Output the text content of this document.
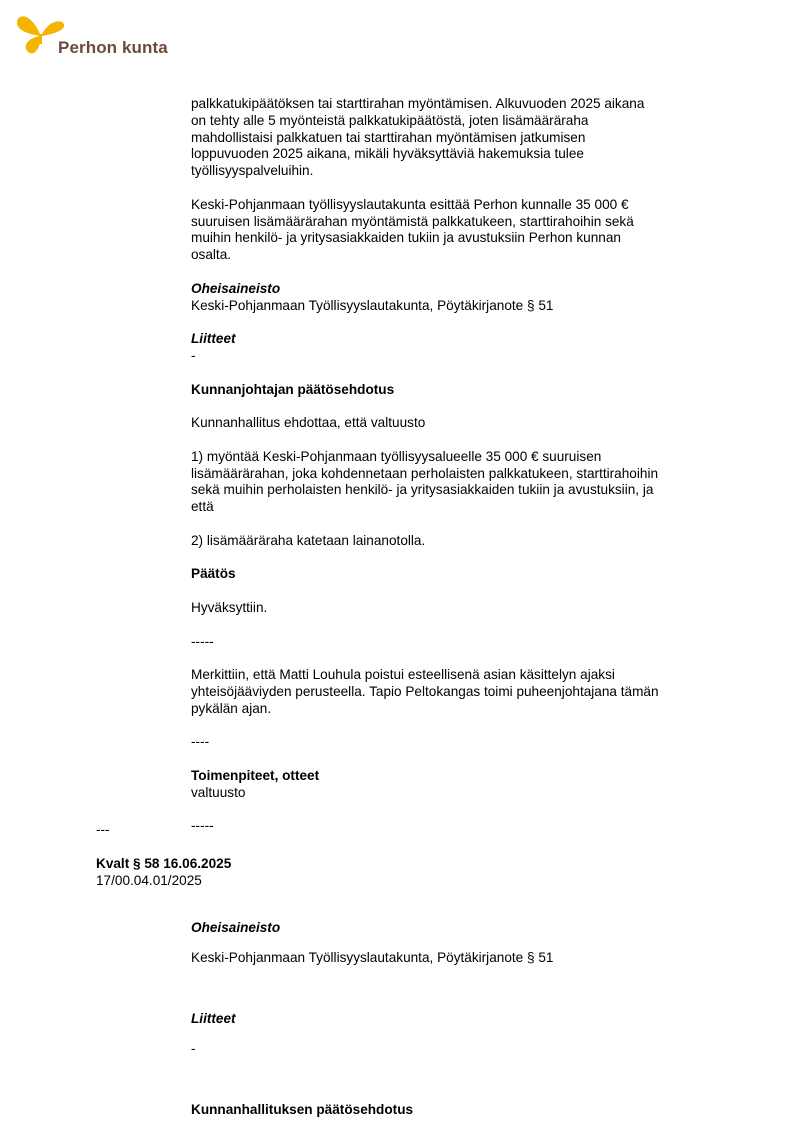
Perhon kunta

palkkatukipäätöksen tai starttirahan myöntämisen. Alkuvuoden 2025 aikana

on tehty alle 5 myönteistä palkkatukipäätöstä, joten lisämääräraha

mahdollistaisi palkkatuen tai starttirahan myöntämisen jatkumisen

loppuvuoden 2025 aikana, mikäli hyväksyttäviä hakemuksia tulee

työllisyyspalveluihin.

Keski-Pohjanmaan työllisyyslautakunta esittää Perhon kunnalle 35 000 €

suuruisen lisämäärärahan myöntämistä palkkatukeen, starttirahoihin sekä

muihin henkilö- ja yritysasiakkaiden tukiin ja avustuksiin Perhon kunnan

osalta.

Oheisaineisto

Keski-Pohjanmaan Työllisyyslautakunta, Pöytäkirjanote § 51

Liitteet

-

Kunnanjohtajan päätösehdotus

Kunnanhallitus ehdottaa, että valtuusto

1) myöntää Keski-Pohjanmaan työllisyysalueelle 35 000 € suuruisen

lisämäärärahan, joka kohdennetaan perholaisten palkkatukeen, starttirahoihin

sekä muihin perholaisten henkilö- ja yritysasiakkaiden tukiin ja avustuksiin, ja

että

2) lisämääräraha katetaan lainanotolla.

Päätös

Hyväksyttiin.

-----

Merkittiin, että Matti Louhula poistui esteellisenä asian käsittelyn ajaksi

yhteisöjääviyden perusteella. Tapio Peltokangas toimi puheenjohtajana tämän

pykälän ajan.

----

Toimenpiteet, otteet

valtuusto

-----

---
Kvalt § 58 16.06.2025
17/00.04.01/2025

Oheisaineisto

Keski-Pohjanmaan Työllisyyslautakunta, Pöytäkirjanote § 51

Liitteet

-

Kunnanhallituksen päätösehdotus
